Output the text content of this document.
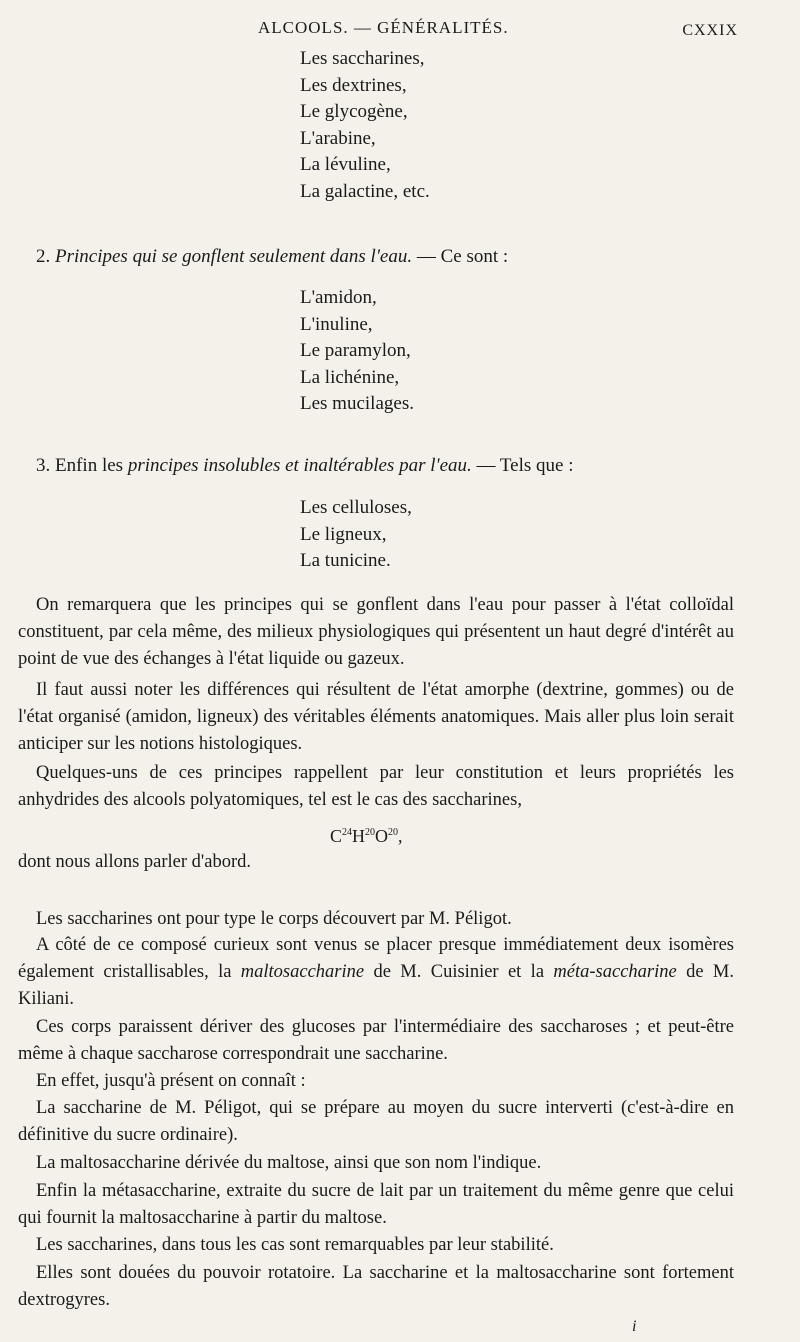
ALCOOLS. — GÉNÉRALITÉS.	CXXIX
Les saccharines,
Les dextrines,
Le glycogène,
L'arabine,
La lévuline,
La galactine, etc.
2. Principes qui se gonflent seulement dans l'eau. — Ce sont :
L'amidon,
L'inuline,
Le paramylon,
La lichénine,
Les mucilages.
3. Enfin les principes insolubles et inaltérables par l'eau. — Tels que :
Les celluloses,
Le ligneux,
La tunicine.
On remarquera que les principes qui se gonflent dans l'eau pour passer à l'état colloïdal constituent, par cela même, des milieux physiologiques qui présentent un haut degré d'intérêt au point de vue des échanges à l'état liquide ou gazeux.
Il faut aussi noter les différences qui résultent de l'état amorphe (dextrine, gommes) ou de l'état organisé (amidon, ligneux) des véritables éléments anatomiques. Mais aller plus loin serait anticiper sur les notions histologiques.
Quelques-uns de ces principes rappellent par leur constitution et leurs propriétés les anhydrides des alcools polyatomiques, tel est le cas des saccharines,
$C^{24}H^{20}O^{20}$,
dont nous allons parler d'abord.
Les saccharines ont pour type le corps découvert par M. Péligot.
A côté de ce composé curieux sont venus se placer presque immédiatement deux isomères également cristallisables, la maltosaccharine de M. Cuisinier et la méta-saccharine de M. Kiliani.
Ces corps paraissent dériver des glucoses par l'intermédiaire des saccharoses ; et peut-être même à chaque saccharose correspondrait une saccharine.
En effet, jusqu'à présent on connaît :
La saccharine de M. Péligot, qui se prépare au moyen du sucre interverti (c'est-à-dire en définitive du sucre ordinaire).
La maltosaccharine dérivée du maltose, ainsi que son nom l'indique.
Enfin la métasaccharine, extraite du sucre de lait par un traitement du même genre que celui qui fournit la maltosaccharine à partir du maltose.
Les saccharines, dans tous les cas sont remarquables par leur stabilité.
Elles sont douées du pouvoir rotatoire. La saccharine et la maltosaccharine sont fortement dextrogyres.
i
